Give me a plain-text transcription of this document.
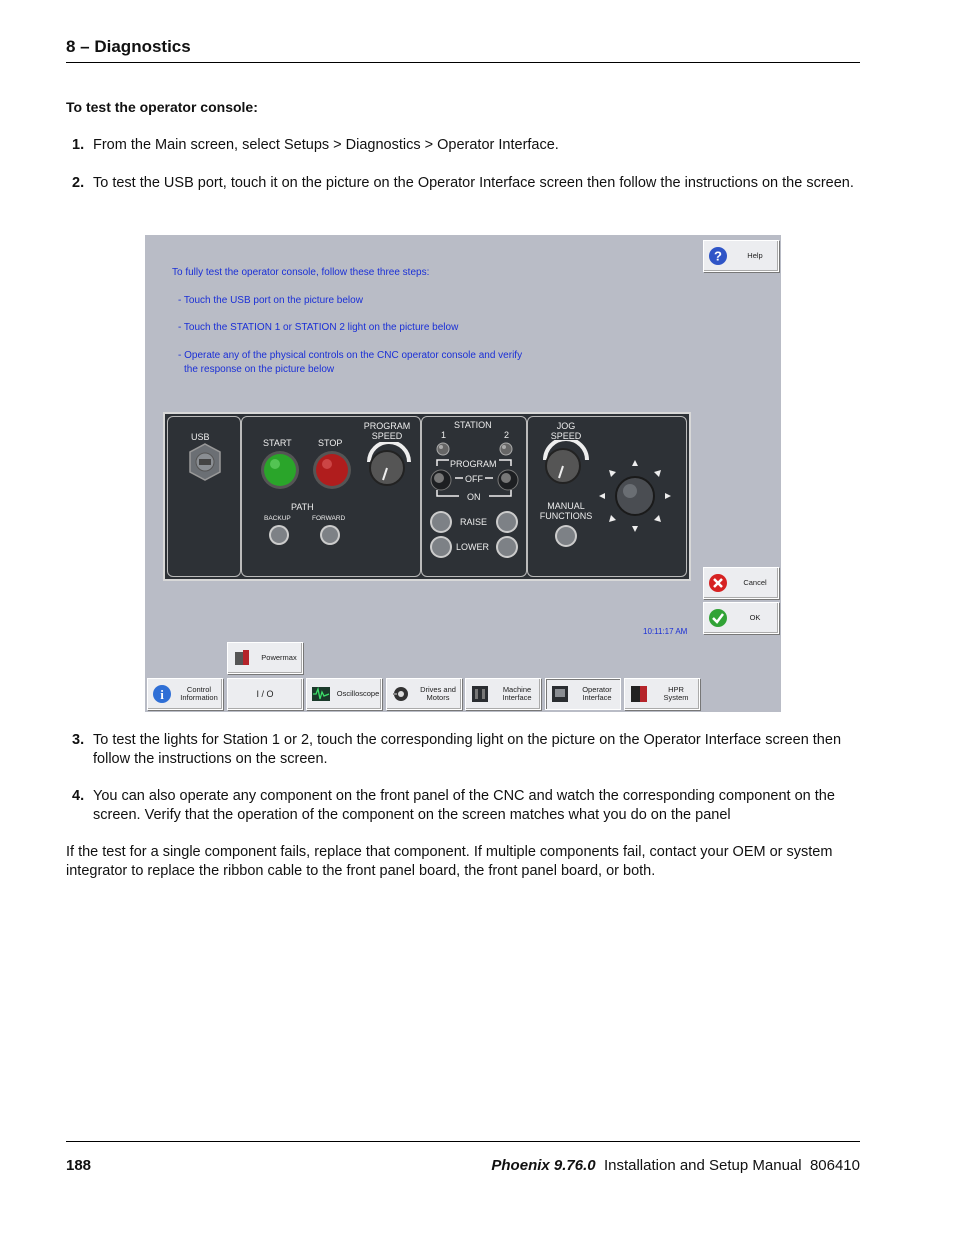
8 – Diagnostics
To test the operator console:
1. From the Main screen, select Setups > Diagnostics > Operator Interface.
2. To test the USB port, touch it on the picture on the Operator Interface screen then follow the instructions on the screen.
To fully test the operator console, follow these three steps:
- Touch the USB port on the picture below
- Touch the STATION 1 or STATION 2 light on the picture below
- Operate any of the physical controls on the CNC operator console and verify
the response on the picture below
?	Help
Cancel
OK
10:11:17 AM
Powermax
i	Control Information	I / O	Oscilloscope	Drives and Motors
Machine Interface
Operator Interface
HPR System
USB
START	STOP
PATH
BACKUP	FORWARD
PROGRAM SPEED
STATION
1	2
PROGRAM
OFF
ON
RAISE
LOWER
JOG SPEED
MANUAL FUNCTIONS
3. To test the lights for Station 1 or 2, touch the corresponding light on the picture on the Operator Interface screen then follow the instructions on the screen.
4. You can also operate any component on the front panel of the CNC and watch the corresponding component on the screen. Verify that the operation of the component on the screen matches what you do on the panel
If the test for a single component fails, replace that component. If multiple components fail, contact your OEM or system integrator to replace the ribbon cable to the front panel board, the front panel board, or both.
188	Phoenix 9.76.0 Installation and Setup Manual 806410
